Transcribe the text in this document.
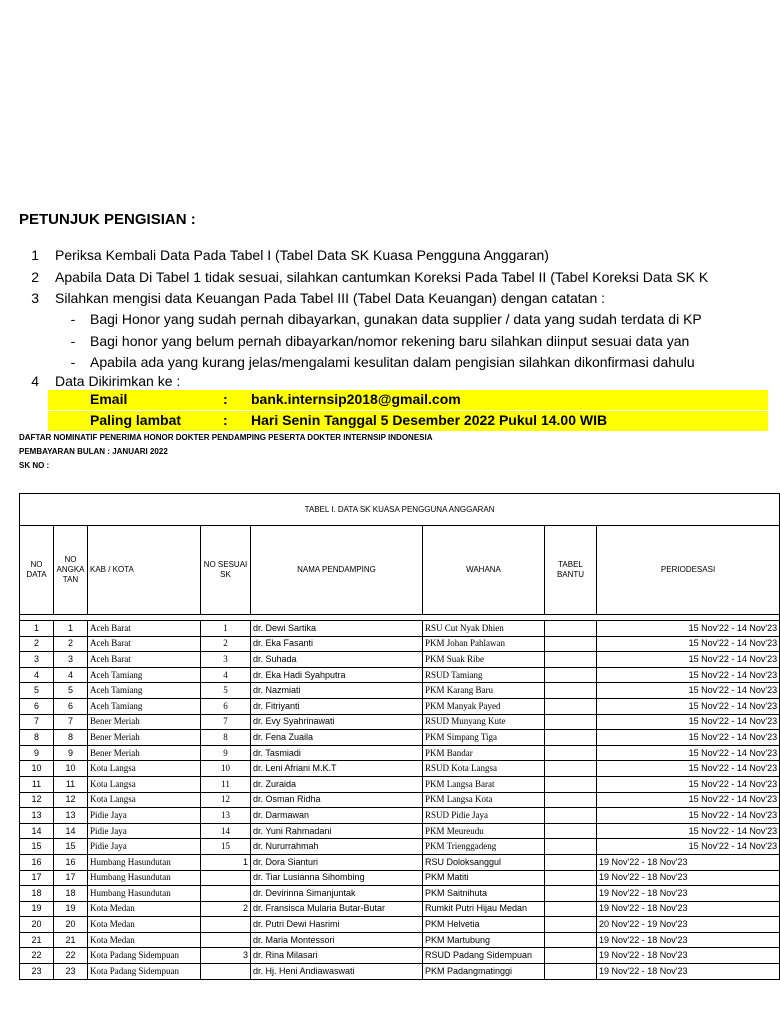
PETUNJUK PENGISIAN :
1 Periksa Kembali Data Pada Tabel I (Tabel Data SK Kuasa Pengguna Anggaran)
2 Apabila Data Di Tabel 1 tidak sesuai, silahkan cantumkan Koreksi Pada Tabel II (Tabel Koreksi Data SK K
3 Silahkan mengisi data Keuangan Pada Tabel III (Tabel Data Keuangan) dengan catatan :
- Bagi Honor yang sudah pernah dibayarkan, gunakan data supplier / data yang sudah terdata di KP
- Bagi honor yang belum pernah dibayarkan/nomor rekening baru silahkan diinput sesuai data yan
- Apabila ada yang kurang jelas/mengalami kesulitan dalam pengisian silahkan dikonfirmasi dahulu
4 Data Dikirimkan ke :
Email	: bank.internsip2018@gmail.com
Paling lambat	: Hari Senin Tanggal 5 Desember 2022 Pukul 14.00 WIB
DAFTAR NOMINATIF PENERIMA HONOR DOKTER PENDAMPING PESERTA DOKTER INTERNSIP INDONESIA
PEMBAYARAN BULAN : JANUARI 2022
SK NO :
TABEL I. DATA SK KUASA PENGGUNA ANGGARAN							
NO DATA	NO ANGKA TAN	KAB / KOTA	NO SESUAI SK	NAMA PENDAMPING	WAHANA	TABEL BANTU	PERIODESASI

1	1	Aceh Barat	1	dr. Dewi Sartika	RSU Cut Nyak Dhien		15 Nov'22 - 14 Nov'23
2	2	Aceh Barat	2	dr. Eka Fasanti	PKM Johan Pahlawan		15 Nov'22 - 14 Nov'23
3	3	Aceh Barat	3	dr. Suhada	PKM Suak Ribe		15 Nov'22 - 14 Nov'23
4	4	Aceh Tamiang	4	dr. Eka Hadi Syahputra	RSUD Tamiang		15 Nov'22 - 14 Nov'23
5	5	Aceh Tamiang	5	dr. Nazmiati	PKM Karang Baru		15 Nov'22 - 14 Nov'23
6	6	Aceh Tamiang	6	dr. Fitriyanti	PKM Manyak Payed		15 Nov'22 - 14 Nov'23
7	7	Bener Meriah	7	dr. Evy Syahrinawati	RSUD Munyang Kute		15 Nov'22 - 14 Nov'23
8	8	Bener Meriah	8	dr. Fena Zuaila	PKM Simpang Tiga		15 Nov'22 - 14 Nov'23
9	9	Bener Meriah	9	dr. Tasmiadi	PKM Bandar		15 Nov'22 - 14 Nov'23
10	10	Kota Langsa	10	dr. Leni Afriani M.K.T	RSUD Kota Langsa		15 Nov'22 - 14 Nov'23
11	11	Kota Langsa	11	dr. Zuraida	PKM Langsa Barat		15 Nov'22 - 14 Nov'23
12	12	Kota Langsa	12	dr. Osman Ridha	PKM Langsa Kota		15 Nov'22 - 14 Nov'23
13	13	Pidie Jaya	13	dr. Darmawan	RSUD Pidie Jaya		15 Nov'22 - 14 Nov'23
14	14	Pidie Jaya	14	dr. Yuni Rahmadani	PKM Meureudu		15 Nov'22 - 14 Nov'23
15	15	Pidie Jaya	15	dr. Nururrahmah	PKM Trienggadeng		15 Nov'22 - 14 Nov'23
16	16	Humbang Hasundutan	1	dr. Dora Sianturi	RSU Doloksanggul		19 Nov'22 - 18 Nov'23
17	17	Humbang Hasundutan		dr. Tiar Lusianna Sihombing	PKM Matiti		19 Nov'22 - 18 Nov'23
18	18	Humbang Hasundutan		dr. Devirinna Simanjuntak	PKM Saitnihuta		19 Nov'22 - 18 Nov'23
19	19	Kota Medan	2	dr. Fransisca Mularia Butar-Butar	Rumkit Putri Hijau Medan		19 Nov'22 - 18 Nov'23
20	20	Kota Medan		dr. Putri Dewi Hasrimi	PKM Helvetia		20 Nov'22 - 19 Nov'23
21	21	Kota Medan		dr. Maria Montessori	PKM Martubung		19 Nov'22 - 18 Nov'23
22	22	Kota Padang Sidempuan	3	dr. Rina Milasari	RSUD Padang Sidempuan		19 Nov'22 - 18 Nov'23
23	23	Kota Padang Sidempuan		dr. Hj. Heni Andiawaswati	PKM Padangmatinggi		19 Nov'22 - 18 Nov'23
